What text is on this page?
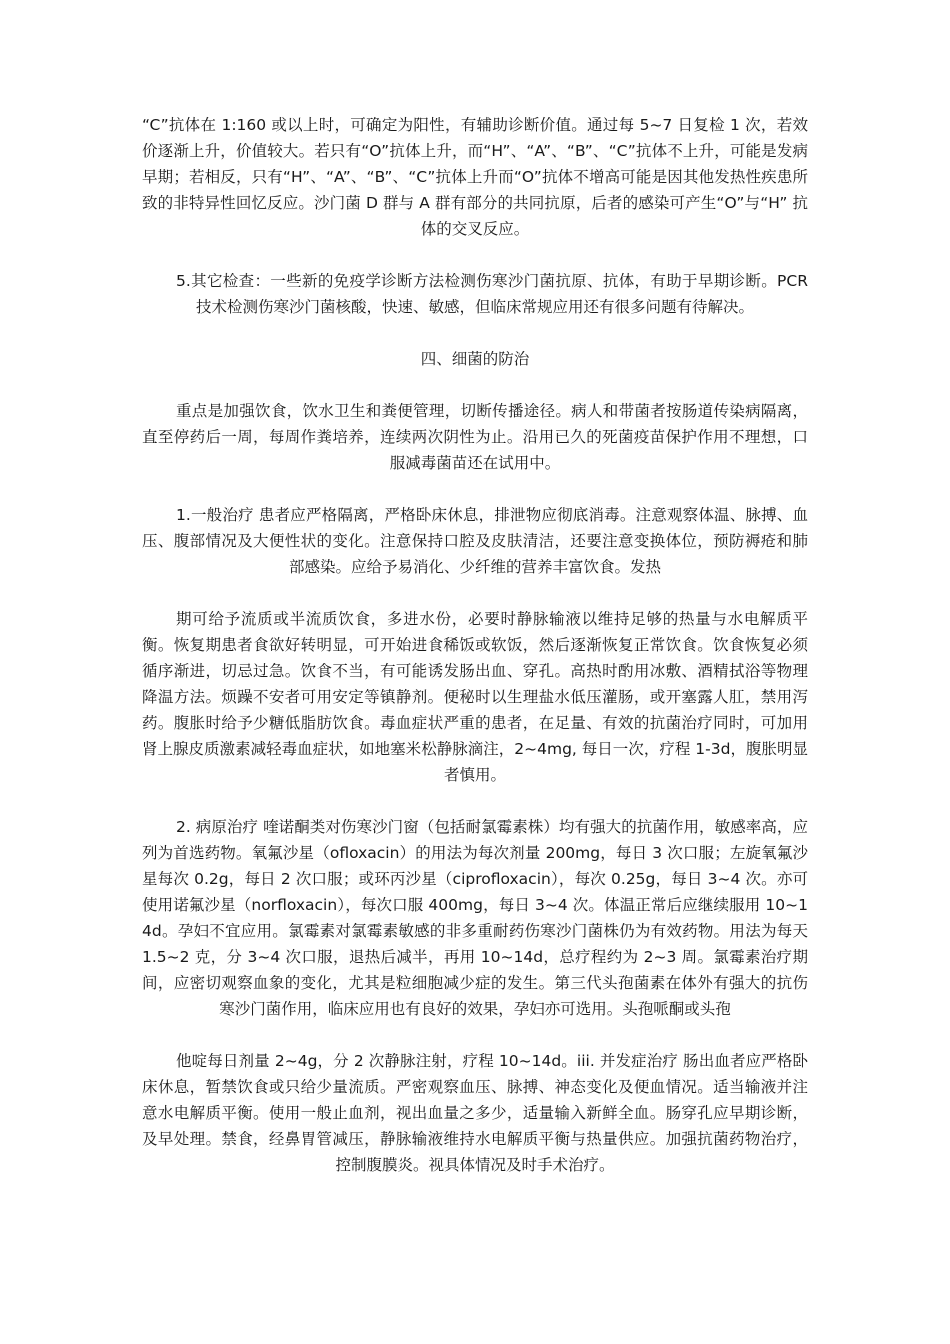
“C”抗体在 1:160 或以上时，可确定为阳性，有辅助诊断价值。通过每 5~7 日复检 1 次，若效价逐渐上升，价值较大。若只有“O”抗体上升，而“H”、“A”、“B”、“C”抗体不上升，可能是发病早期；若相反，只有“H”、“A”、“B”、“C”抗体上升而“O”抗体不增高可能是因其他发热性疾患所致的非特异性回忆反应。沙门菌 D 群与 A 群有部分的共同抗原，后者的感染可产生“O”与“H” 抗体的交叉反应。

5.其它检查：一些新的免疫学诊断方法检测伤寒沙门菌抗原、抗体，有助于早期诊断。PCR 技术检测伤寒沙门菌核酸，快速、敏感，但临床常规应用还有很多问题有待解决。

四、细菌的防治

重点是加强饮食，饮水卫生和粪便管理，切断传播途径。病人和带菌者按肠道传染病隔离，直至停药后一周，每周作粪培养，连续两次阴性为止。沿用已久的死菌疫苗保护作用不理想，口服减毒菌苗还在试用中。

1.一般治疗 患者应严格隔离，严格卧床休息，排泄物应彻底消毒。注意观察体温、脉搏、血压、腹部情况及大便性状的变化。注意保持口腔及皮肤清洁，还要注意变换体位，预防褥疮和肺部感染。应给予易消化、少纤维的营养丰富饮食。发热

期可给予流质或半流质饮食，多进水份，必要时静脉输液以维持足够的热量与水电解质平衡。恢复期患者食欲好转明显，可开始进食稀饭或软饭，然后逐渐恢复正常饮食。饮食恢复必须循序渐进，切忌过急。饮食不当，有可能诱发肠出血、穿孔。高热时酌用冰敷、酒精拭浴等物理降温方法。烦躁不安者可用安定等镇静剂。便秘时以生理盐水低压灌肠，或开塞露人肛，禁用泻药。腹胀时给予少糖低脂肪饮食。毒血症状严重的患者，在足量、有效的抗菌治疗同时，可加用肾上腺皮质激素减轻毒血症状，如地塞米松静脉滴注，2~4mg, 每日一次，疗程 1-3d，腹胀明显者慎用。

2. 病原治疗 喹诺酮类对伤寒沙门窗（包括耐氯霉素株）均有强大的抗菌作用，敏感率高，应列为首选药物。氧氟沙星（ofloxacin）的用法为每次剂量 200mg，每日 3 次口服；左旋氧氟沙星每次 0.2g，每日 2 次口服；或环丙沙星（ciprofloxacin），每次 0.25g，每日 3~4 次。亦可使用诺氟沙星（norfloxacin），每次口服 400mg，每日 3~4 次。体温正常后应继续服用 10~14d。孕妇不宜应用。氯霉素对氯霉素敏感的非多重耐药伤寒沙门菌株仍为有效药物。用法为每天 1.5~2 克，分 3~4 次口服，退热后减半，再用 10~14d，总疗程约为 2~3 周。氯霉素治疗期间，应密切观察血象的变化，尤其是粒细胞减少症的发生。第三代头孢菌素在体外有强大的抗伤寒沙门菌作用，临床应用也有良好的效果，孕妇亦可选用。头孢哌酮或头孢

他啶每日剂量 2~4g，分 2 次静脉注射，疗程 10~14d。iii. 并发症治疗 肠出血者应严格卧床休息，暂禁饮食或只给少量流质。严密观察血压、脉搏、神态变化及便血情况。适当输液并注意水电解质平衡。使用一般止血剂，视出血量之多少，适量输入新鲜全血。肠穿孔应早期诊断，及早处理。禁食，经鼻胃管减压，静脉输液维持水电解质平衡与热量供应。加强抗菌药物治疗，控制腹膜炎。视具体情况及时手术治疗。
